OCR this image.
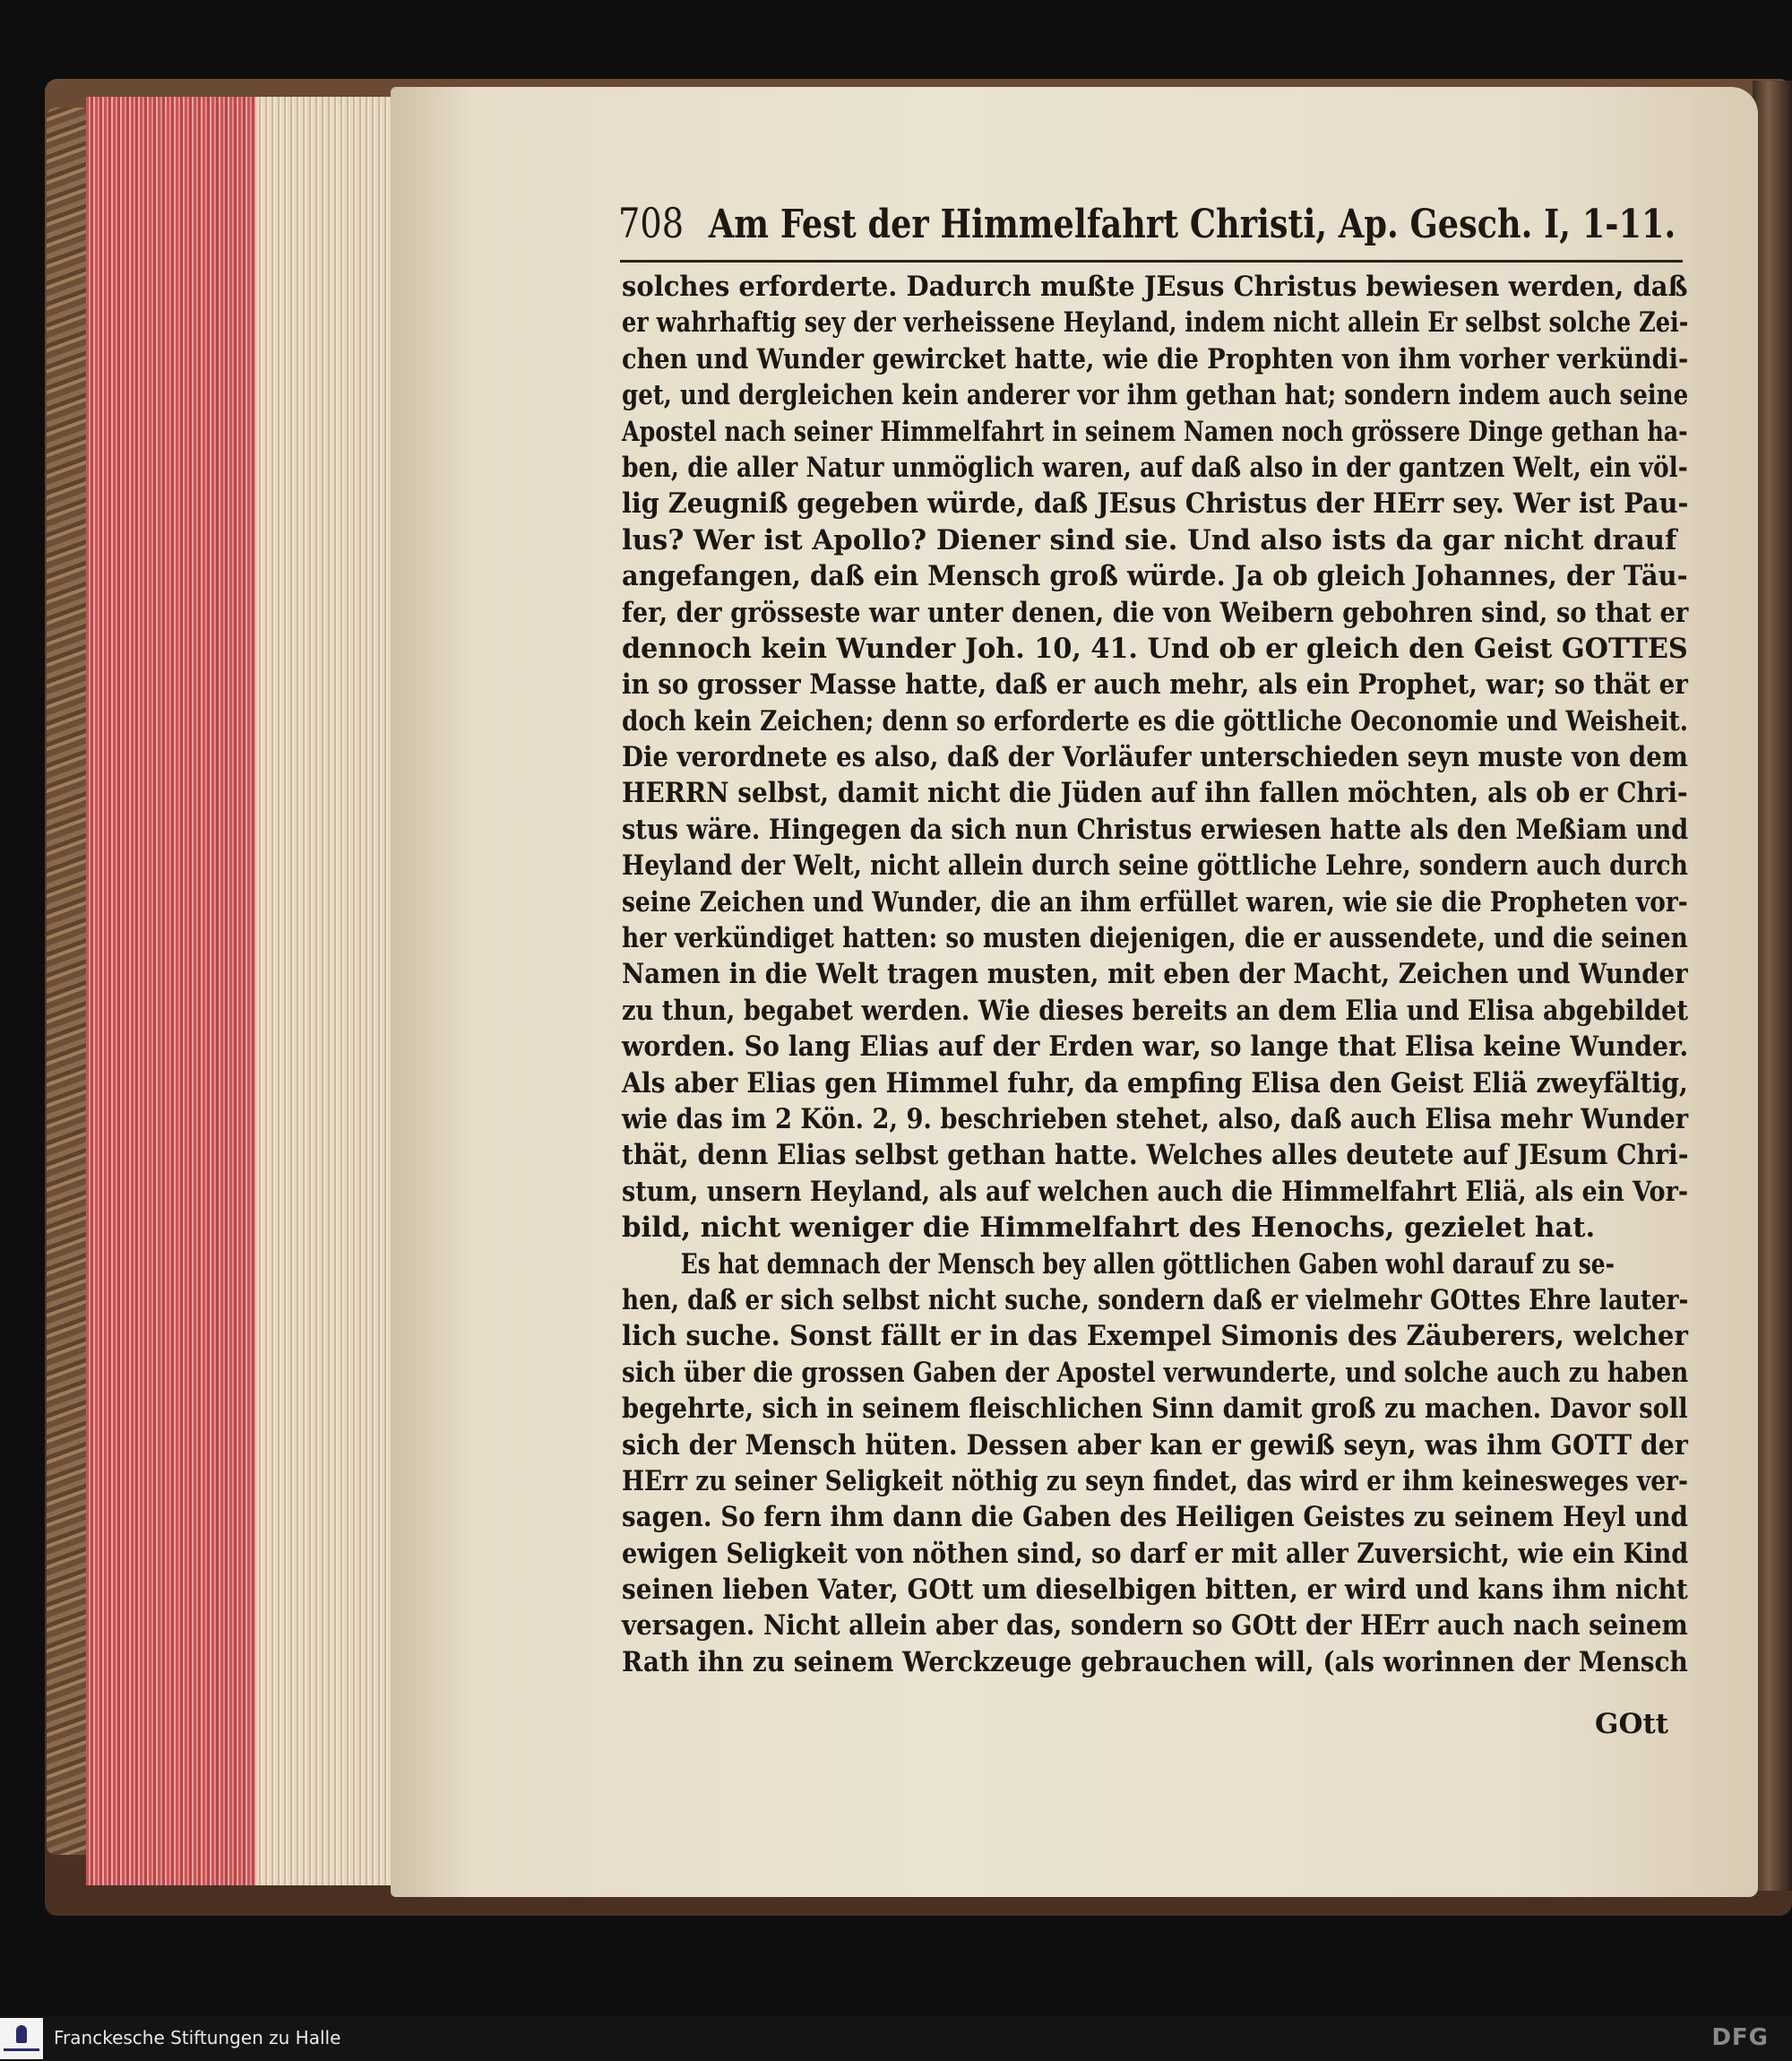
708 Am Fest der Himmelfahrt Christi, Ap. Gesch. I, 1-11.
solches erforderte. Dadurch mußte JEsus Christus bewiesen werden, daß
er wahrhaftig sey der verheissene Heyland, indem nicht allein Er selbst solche Zei-
chen und Wunder gewircket hatte, wie die Prophten von ihm vorher verkündi-
get, und dergleichen kein anderer vor ihm gethan hat; sondern indem auch seine
Apostel nach seiner Himmelfahrt in seinem Namen noch grössere Dinge gethan ha-
ben, die aller Natur unmöglich waren, auf daß also in der gantzen Welt, ein völ-
lig Zeugniß gegeben würde, daß JEsus Christus der HErr sey. Wer ist Pau-
lus? Wer ist Apollo? Diener sind sie. Und also ists da gar nicht drauf
angefangen, daß ein Mensch groß würde. Ja ob gleich Johannes, der Täu-
fer, der grösseste war unter denen, die von Weibern gebohren sind, so that er
dennoch kein Wunder Joh. 10, 41. Und ob er gleich den Geist GOTTES
in so grosser Masse hatte, daß er auch mehr, als ein Prophet, war; so thät er
doch kein Zeichen; denn so erforderte es die göttliche Oeconomie und Weisheit.
Die verordnete es also, daß der Vorläufer unterschieden seyn muste von dem
HERRN selbst, damit nicht die Jüden auf ihn fallen möchten, als ob er Chri-
stus wäre. Hingegen da sich nun Christus erwiesen hatte als den Meßiam und
Heyland der Welt, nicht allein durch seine göttliche Lehre, sondern auch durch
seine Zeichen und Wunder, die an ihm erfüllet waren, wie sie die Propheten vor-
her verkündiget hatten: so musten diejenigen, die er aussendete, und die seinen
Namen in die Welt tragen musten, mit eben der Macht, Zeichen und Wunder
zu thun, begabet werden. Wie dieses bereits an dem Elia und Elisa abgebildet
worden. So lang Elias auf der Erden war, so lange that Elisa keine Wunder.
Als aber Elias gen Himmel fuhr, da empfing Elisa den Geist Eliä zweyfältig,
wie das im 2 Kön. 2, 9. beschrieben stehet, also, daß auch Elisa mehr Wunder
thät, denn Elias selbst gethan hatte. Welches alles deutete auf JEsum Chri-
stum, unsern Heyland, als auf welchen auch die Himmelfahrt Eliä, als ein Vor-
bild, nicht weniger die Himmelfahrt des Henochs, gezielet hat.
Es hat demnach der Mensch bey allen göttlichen Gaben wohl darauf zu se-
hen, daß er sich selbst nicht suche, sondern daß er vielmehr GOttes Ehre lauter-
lich suche. Sonst fällt er in das Exempel Simonis des Zäuberers, welcher
sich über die grossen Gaben der Apostel verwunderte, und solche auch zu haben
begehrte, sich in seinem fleischlichen Sinn damit groß zu machen. Davor soll
sich der Mensch hüten. Dessen aber kan er gewiß seyn, was ihm GOTT der
HErr zu seiner Seligkeit nöthig zu seyn findet, das wird er ihm keinesweges ver-
sagen. So fern ihm dann die Gaben des Heiligen Geistes zu seinem Heyl und
ewigen Seligkeit von nöthen sind, so darf er mit aller Zuversicht, wie ein Kind
seinen lieben Vater, GOtt um dieselbigen bitten, er wird und kans ihm nicht
versagen. Nicht allein aber das, sondern so GOtt der HErr auch nach seinem
Rath ihn zu seinem Werckzeuge gebrauchen will, (als worinnen der Mensch
GOtt
Franckesche Stiftungen zu Halle	DFG
